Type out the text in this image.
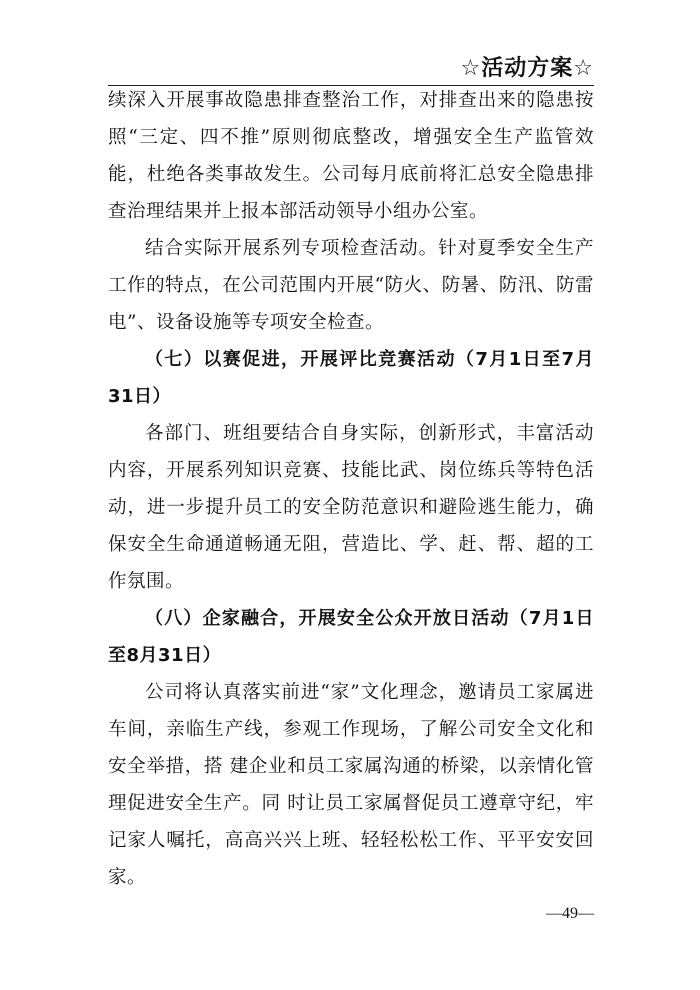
☆活动方案☆

续深入开展事故隐患排查整治工作，对排查出来的隐患按照“三定、四不推”原则彻底整改，增强安全生产监管效能，杜绝各类事故发生。公司每月底前将汇总安全隐患排查治理结果并上报本部活动领导小组办公室。

结合实际开展系列专项检查活动。针对夏季安全生产工作的特点，在公司范围内开展“防火、防暑、防汛、防雷电”、设备设施等专项安全检查。

（七）以赛促进，开展评比竞赛活动（7月1日至7月31日）

各部门、班组要结合自身实际，创新形式，丰富活动内容，开展系列知识竞赛、技能比武、岗位练兵等特色活动，进一步提升员工的安全防范意识和避险逃生能力，确保安全生命通道畅通无阻，营造比、学、赶、帮、超的工作氛围。

（八）企家融合，开展安全公众开放日活动（7月1日至8月31日）

公司将认真落实前进“家”文化理念，邀请员工家属进车间，亲临生产线，参观工作现场，了解公司安全文化和安全举措，搭 建企业和员工家属沟通的桥梁，以亲情化管理促进安全生产。同 时让员工家属督促员工遵章守纪，牢记家人嘱托，高高兴兴上班、轻轻松松工作、平平安安回家。

—49—
